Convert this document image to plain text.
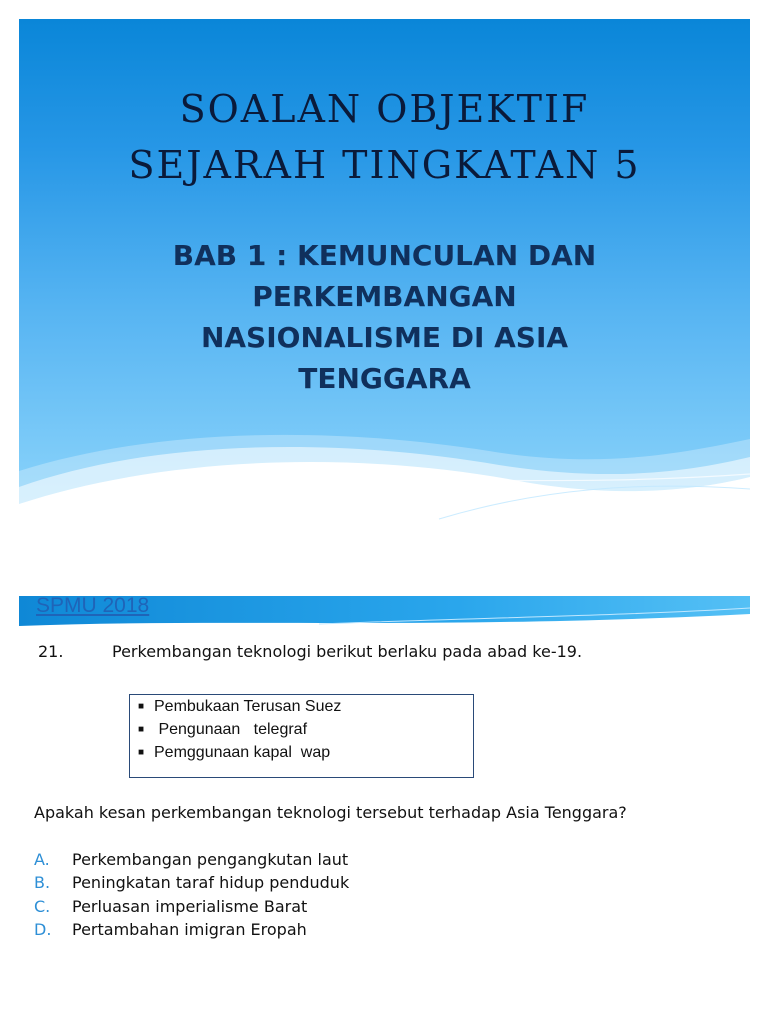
SOALAN OBJEKTIF
SEJARAH TINGKATAN 5
BAB 1 : KEMUNCULAN DAN
PERKEMBANGAN
NASIONALISME DI ASIA
TENGGARA
SPMU 2018
21.	Perkembangan teknologi berikut berlaku pada abad ke-19.
■ Pembukaan Terusan Suez
■ Pengunaan   telegraf
■ Pemggunaan kapal  wap
Apakah kesan perkembangan teknologi tersebut terhadap Asia Tenggara?
A. Perkembangan pengangkutan laut
B. Peningkatan taraf hidup penduduk
C. Perluasan imperialisme Barat
D. Pertambahan imigran Eropah
